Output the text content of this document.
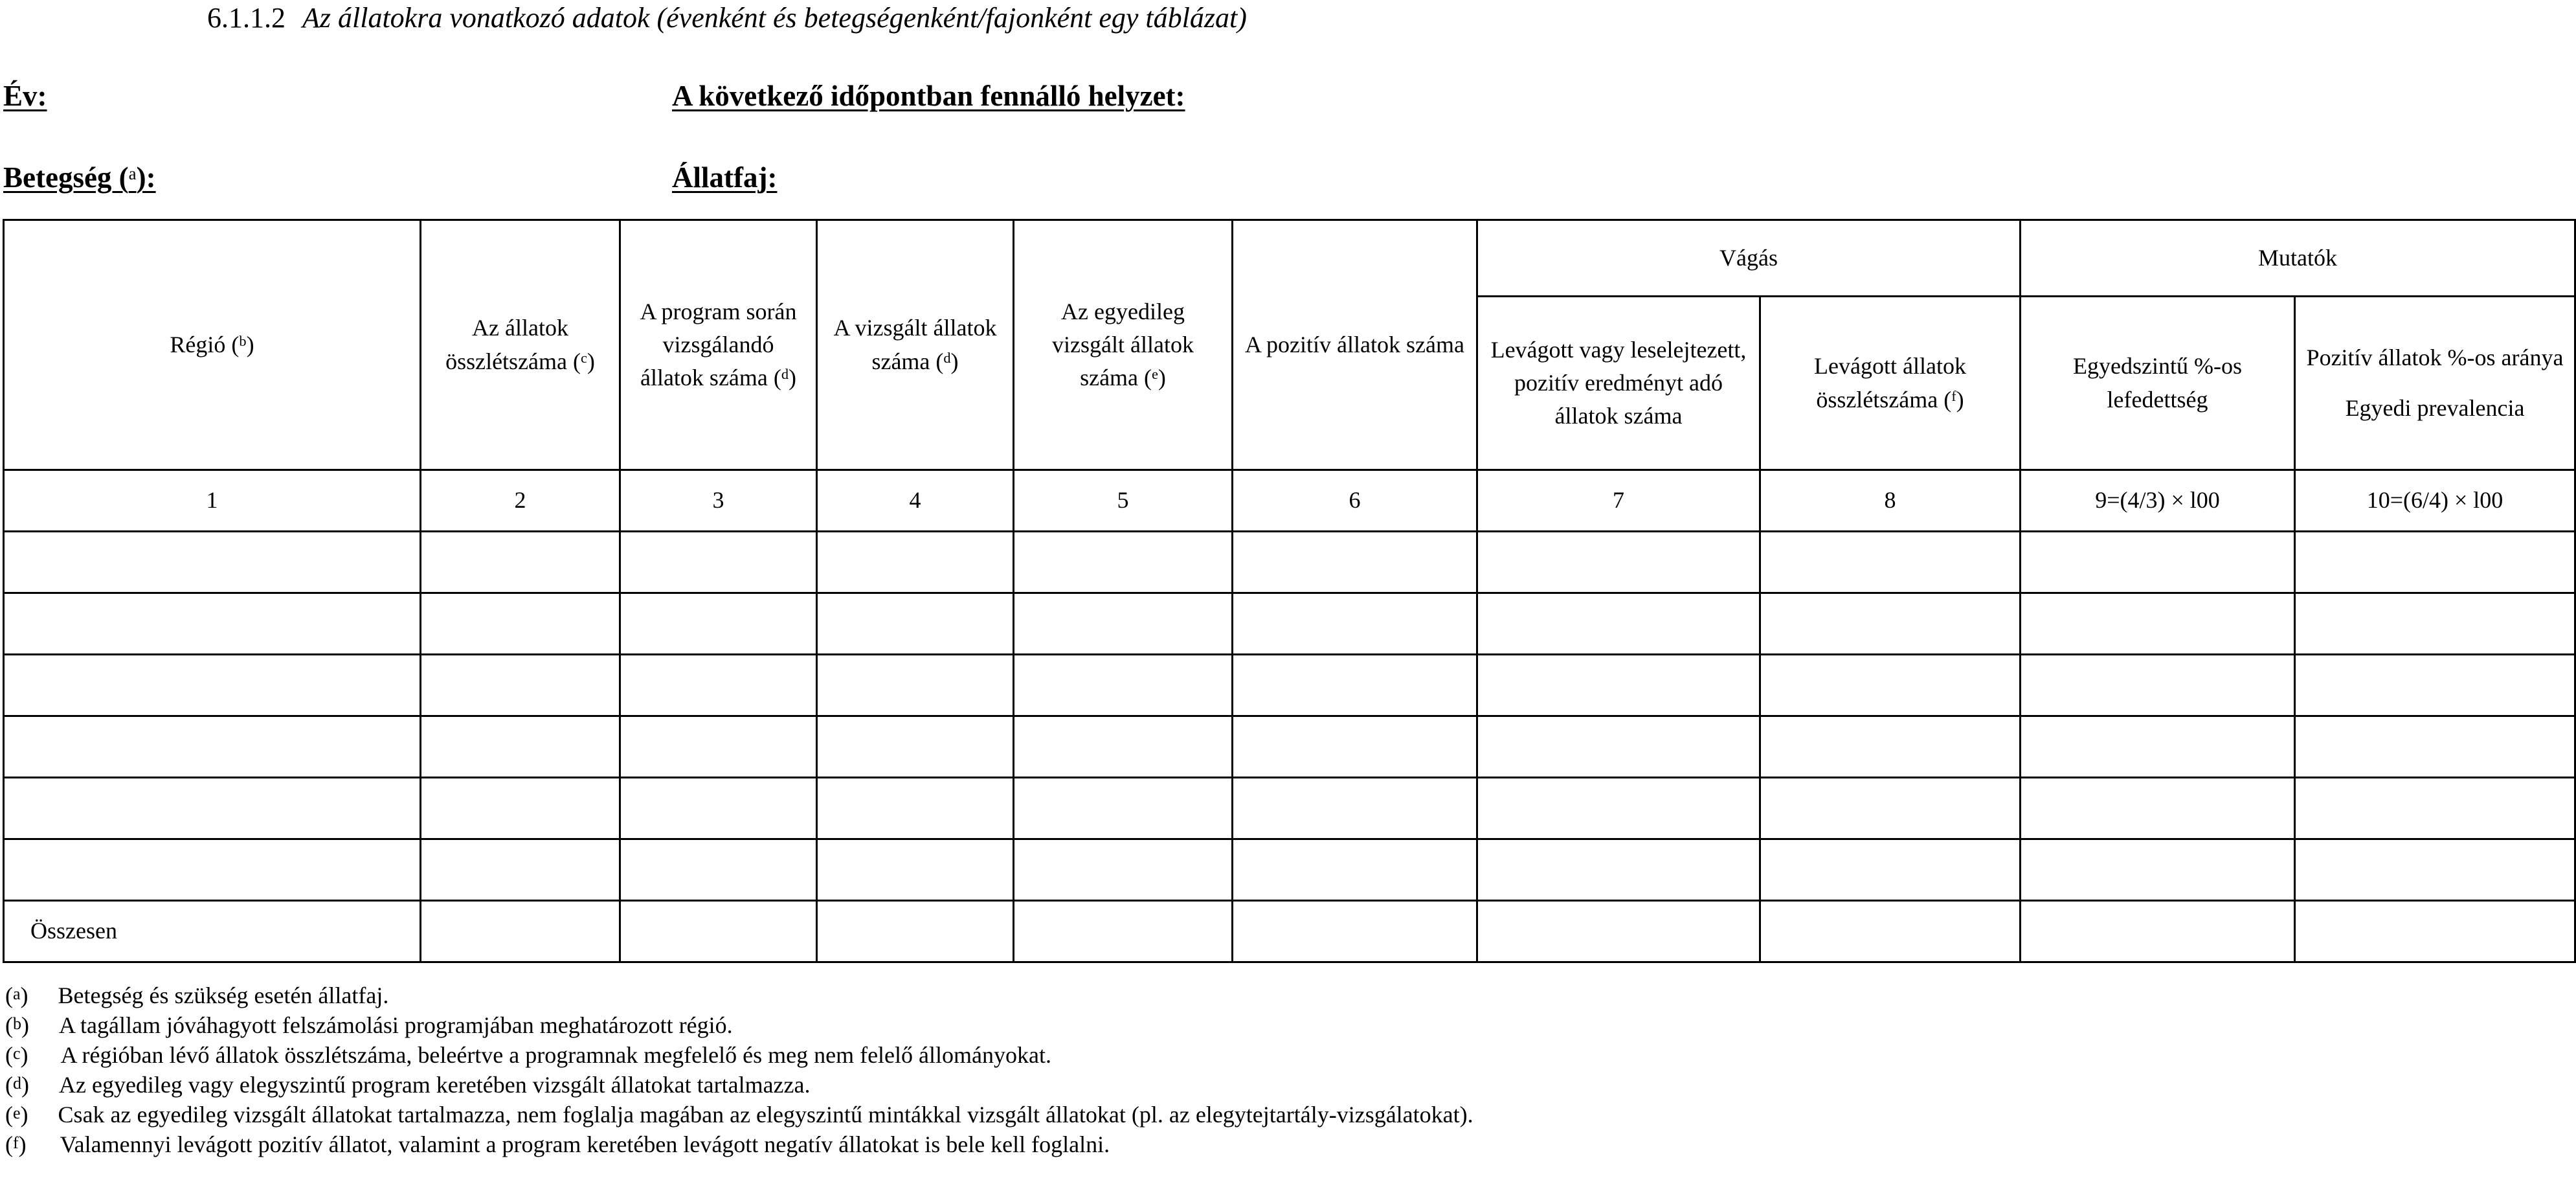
6.1.1.2 Az állatokra vonatkozó adatok (évenként és betegségenként/fajonként egy táblázat)
Év:	A következő időpontban fennálló helyzet:
Betegség ($^a$):	Állatfaj:
Régió ($^b$)	Az állatok összlétszáma ($^c$)	A program során vizsgálandó állatok száma ($^d$)	A vizsgált állatok száma ($^d$)	Az egyedileg vizsgált állatok száma ($^e$)	A pozitív állatok száma	Vágás		Mutatók	
						Levágott vagy leselejtezett, pozitív eredményt adó állatok száma	Levágott állatok összlétszáma ($^f$)	Egyedszintű %-os lefedettség	Pozitív állatok %-os aránya
Egyedi prevalencia

1	2	3	4	5	6	7	8	9=(4/3) × l00	10=(6/4) × l00

Összesen									
(a) Betegség és szükség esetén állatfaj.
(b) A tagállam jóváhagyott felszámolási programjában meghatározott régió.
(c) A régióban lévő állatok összlétszáma, beleértve a programnak megfelelő és meg nem felelő állományokat.
(d) Az egyedileg vagy elegyszintű program keretében vizsgált állatokat tartalmazza.
(e) Csak az egyedileg vizsgált állatokat tartalmazza, nem foglalja magában az elegyszintű mintákkal vizsgált állatokat (pl. az elegytejtartály-vizsgálatokat).
(f) Valamennyi levágott pozitív állatot, valamint a program keretében levágott negatív állatokat is bele kell foglalni.
